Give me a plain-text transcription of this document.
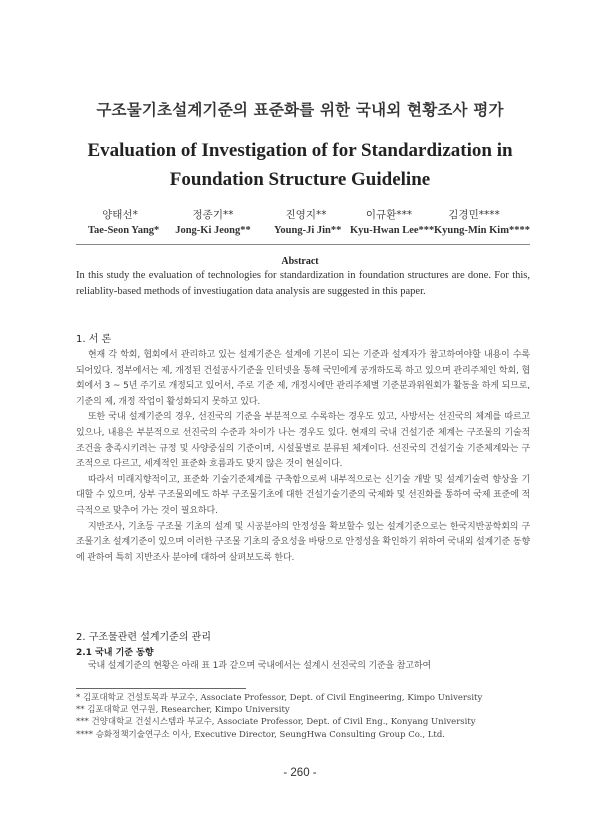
구조물기초설계기준의 표준화를 위한 국내외 현황조사 평가
Evaluation of Investigation of for Standardization in
Foundation Structure Guideline
양태선*
Tae-Seon Yang*
정종기**
Jong-Ki Jeong**
진영지**
Young-Ji Jin**
이규환***
Kyu-Hwan Lee***
김경민****
Kyung-Min Kim****
Abstract
In this study the evaluation of technologies for standardization in foundation structures are done. For this, reliablity-based methods of investiugation data analysis are suggested in this paper.
1. 서 론

현재 각 학회, 협회에서 관리하고 있는 설계기준은 설계에 기본이 되는 기준과 설계자가 참고하여야할 내용이 수록되어있다. 정부에서는 제, 개정된 건설공사기준을 인터넷을 통해 국민에게 공개하도록 하고 있으며 관리주체인 학회, 협회에서 3 ~ 5년 주기로 개정되고 있어서, 주로 기준 제, 개정시에만 관리주체별 기준분과위원회가 활동을 하게 되므로, 기준의 제, 개정 작업이 활성화되지 못하고 있다.

또한 국내 설계기준의 경우, 선진국의 기준을 부분적으로 수록하는 경우도 있고, 사방서는 선진국의 체계를 따르고 있으나, 내용은 부분적으로 선진국의 수준과 차이가 나는 경우도 있다. 현재의 국내 건설기준 체계는 구조물의 기술적 조건을 충족시키려는 규정 및 사양중심의 기준이며, 시설물별로 분류된 체계이다. 선진국의 건설기술 기준체계와는 구조적으로 다르고, 세계적인 표준화 흐름과도 맞지 않은 것이 현실이다.

따라서 미래지향적이고, 표준화 기술기준체계를 구축함으로써 내부적으로는 신기술 개발 및 설계기술력 향상을 기대할 수 있으며, 상부 구조물외에도 하부 구조물기초에 대한 건설기술기준의 국제화 및 선진화를 통하여 국제 표준에 적극적으로 맞추어 가는 것이 필요하다.

지반조사, 기초등 구조물 기초의 설계 및 시공분야의 안정성을 확보할수 있는 설계기준으로는 한국지반공학회의 구조물기초 설계기준이 있으며 이러한 구조물 기초의 중요성을 바탕으로 안정성을 확인하기 위하여 국내외 설계기준 동향에 관하여 특히 지반조사 분야에 대하여 살펴보도록 한다.

2. 구조물관련 설계기준의 관리
2.1 국내 기준 동향

국내 설계기준의 현황은 아래 표 1과 같으며 국내에서는 설계시 선진국의 기준을 참고하여

* 김포대학교 건설토목과 부교수, Associate Professor, Dept. of Civil Engineering, Kimpo University
** 김포대학교 연구원, Researcher, Kimpo University
*** 건양대학교 건설시스템과 부교수, Associate Professor, Dept. of Civil Eng., Konyang University
**** 승화정책기술연구소 이사, Executive Director, SeungHwa Consulting Group Co., Ltd.
- 260 -
